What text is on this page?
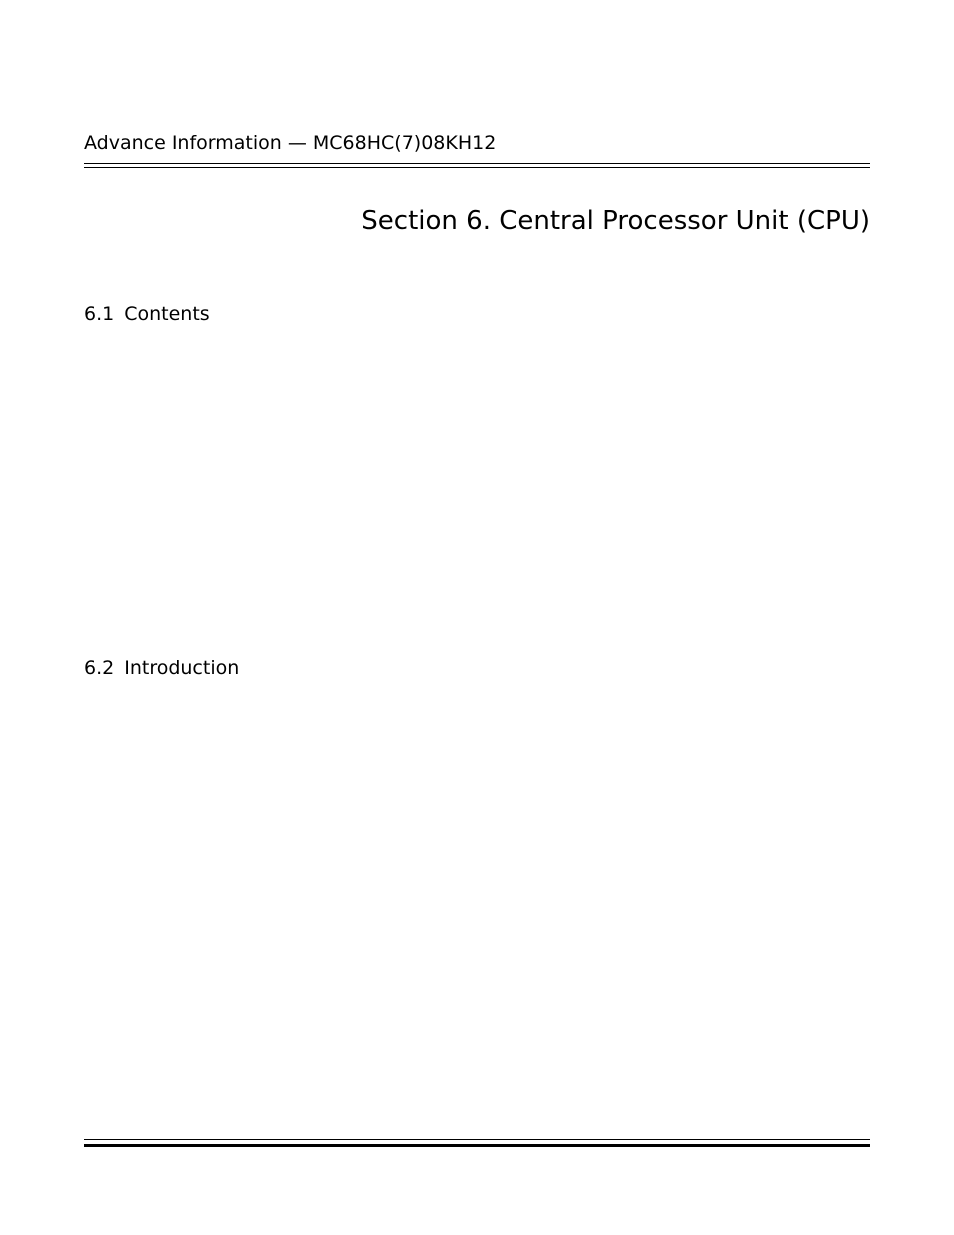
Advance Information — MC68HC(7)08KH12
Section 6. Central Processor Unit (CPU)
6.1 Contents
6.2 Introduction
